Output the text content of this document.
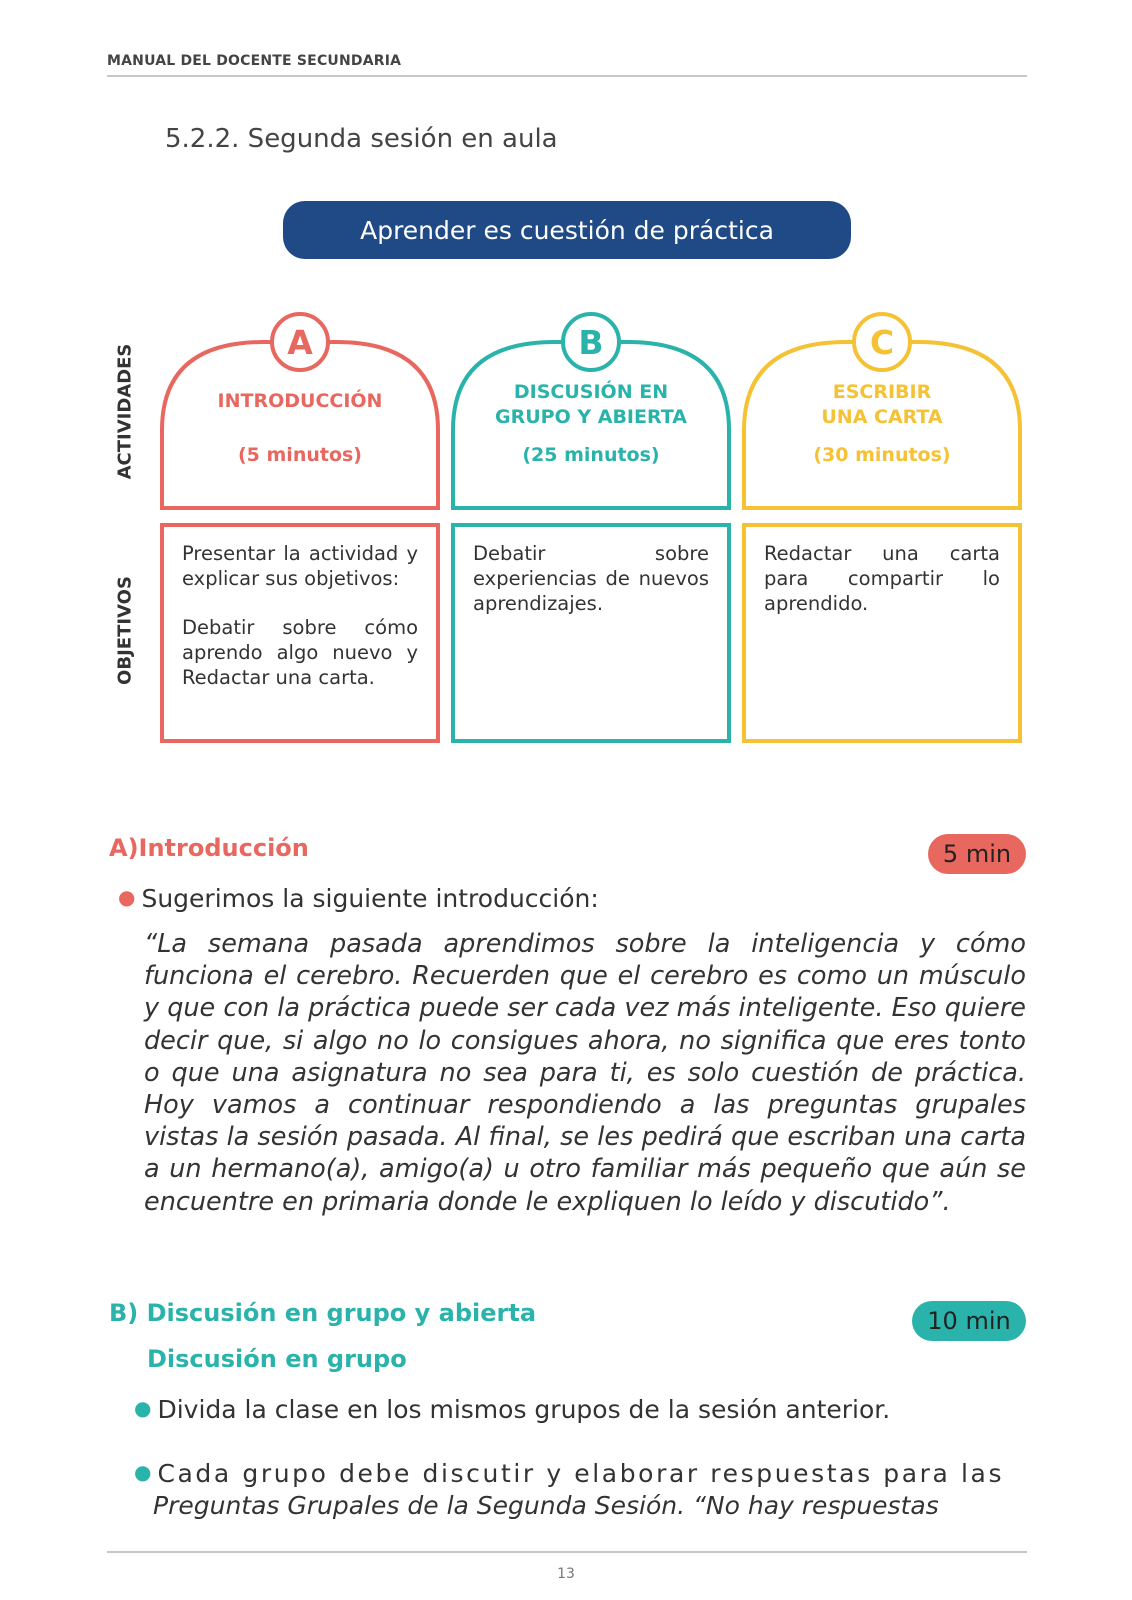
MANUAL DEL DOCENTE SECUNDARIA
5.2.2. Segunda sesión en aula
Aprender es cuestión de práctica
ACTIVIDADES
OBJETIVOS
A
INTRODUCCIÓN
(5 minutos)
B
DISCUSIÓN EN
GRUPO Y ABIERTA
(25 minutos)
C
ESCRIBIR
UNA CARTA
(30 minutos)

Presentar la actividad y explicar sus objetivos:

Debatir sobre cómo aprendo algo nuevo y Redactar una carta.

Debatir sobre experiencias de nuevos aprendizajes.

Redactar una carta para compartir lo aprendido.

A)Introducción	5 min
● Sugerimos la siguiente introducción:
“La semana pasada aprendimos sobre la inteligencia y cómo funciona el cerebro. Recuerden que el cerebro es como un músculo y que con la práctica puede ser cada vez más inteligente. Eso quiere decir que, si algo no lo consigues ahora, no significa que eres tonto o que una asignatura no sea para ti, es solo cuestión de práctica. Hoy vamos a continuar respondiendo a las preguntas grupales vistas la sesión pasada. Al final, se les pedirá que escriban una carta a un hermano(a), amigo(a) u otro familiar más pequeño que aún se encuentre en primaria donde le expliquen lo leído y discutido”.
B) Discusión en grupo y abierta	10 min
Discusión en grupo
● Divida la clase en los mismos grupos de la sesión anterior.
● Cada grupo debe discutir y elaborar respuestas para las
Preguntas Grupales de la Segunda Sesión. “No hay respuestas
13
